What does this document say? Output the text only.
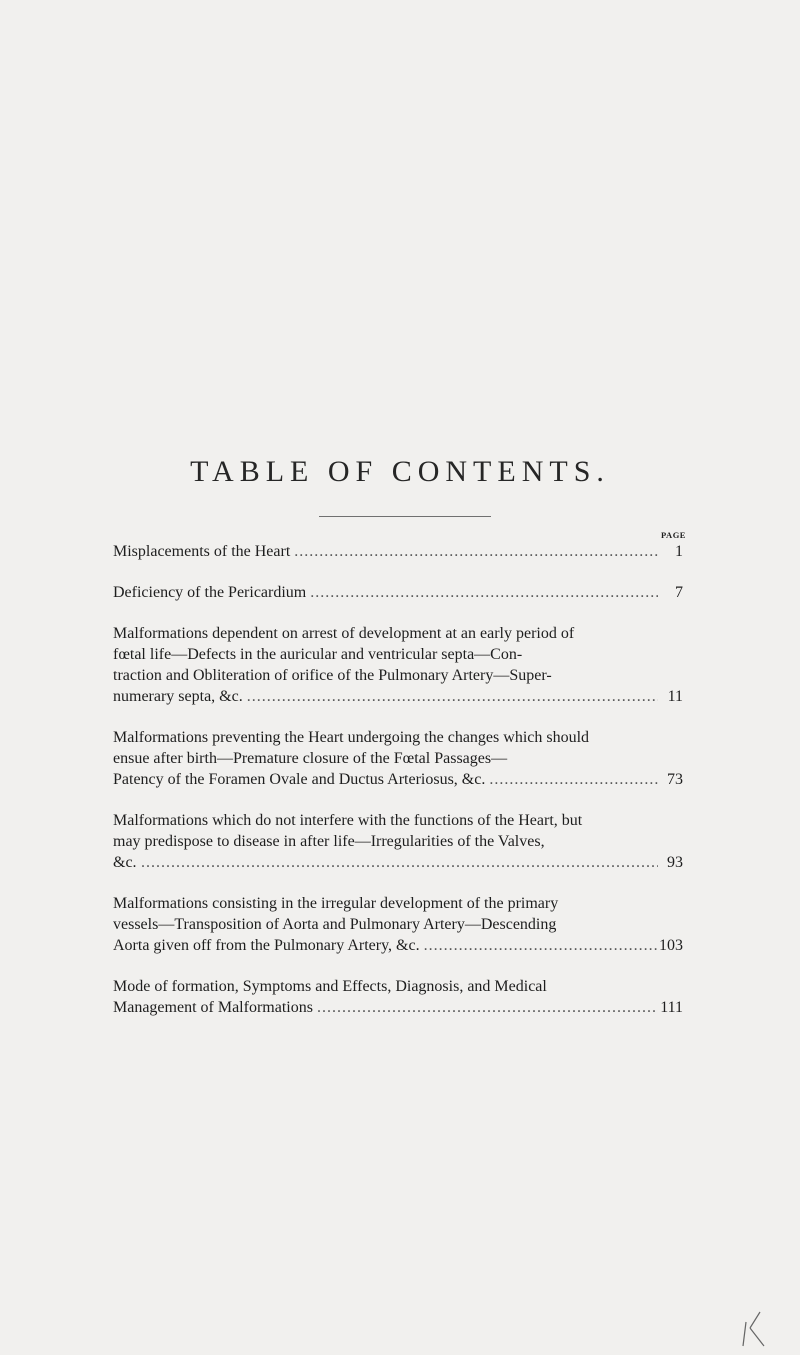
TABLE OF CONTENTS.
PAGE
Misplacements of the Heart .....	1
Deficiency of the Pericardium .....	7
Malformations dependent on arrest of development at an early period of
fœtal life—Defects in the auricular and ventricular septa—Con-
traction and Obliteration of orifice of the Pulmonary Artery—Super-
numerary septa, &c. .....	11
Malformations preventing the Heart undergoing the changes which should
ensue after birth—Premature closure of the Fœtal Passages—
Patency of the Foramen Ovale and Ductus Arteriosus, &c. .....	73
Malformations which do not interfere with the functions of the Heart, but
may predispose to disease in after life—Irregularities of the Valves,
&c. .....	93
Malformations consisting in the irregular development of the primary
vessels—Transposition of Aorta and Pulmonary Artery—Descending
Aorta given off from the Pulmonary Artery, &c. .....	103
Mode of formation, Symptoms and Effects, Diagnosis, and Medical
Management of Malformations .....	111
